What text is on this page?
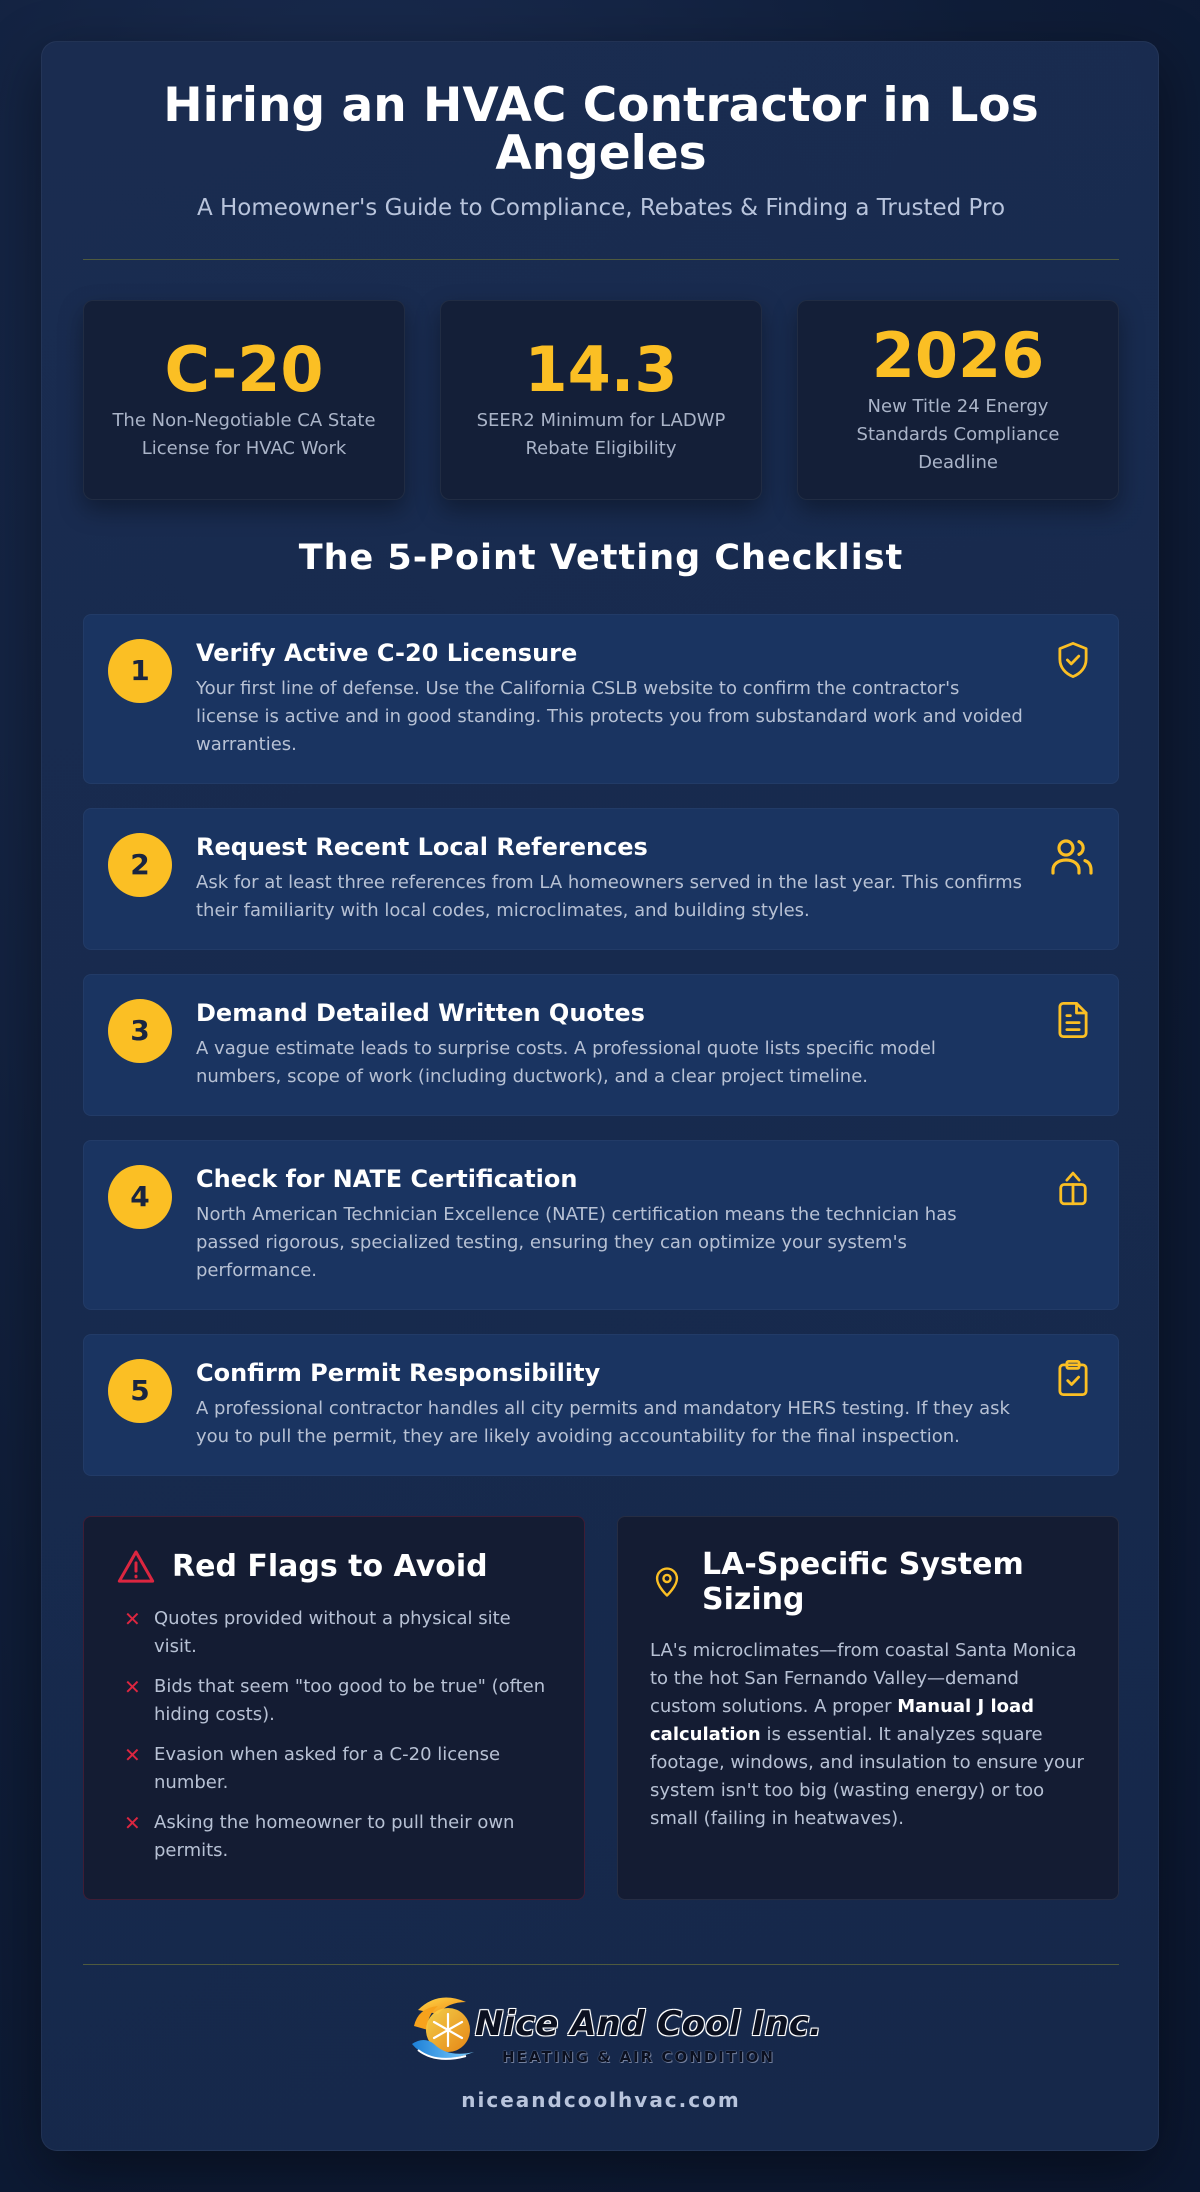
Hiring an HVAC Contractor in Los Angeles
A Homeowner's Guide to Compliance, Rebates & Finding a Trusted Pro
C-20
The Non-Negotiable CA State License for HVAC Work
14.3
SEER2 Minimum for LADWP Rebate Eligibility
2026
New Title 24 Energy Standards Compliance Deadline
The 5-Point Vetting Checklist
1
Verify Active C-20 Licensure
Your first line of defense. Use the California CSLB website to confirm the contractor's license is active and in good standing. This protects you from substandard work and voided warranties.
2
Request Recent Local References
Ask for at least three references from LA homeowners served in the last year. This confirms their familiarity with local codes, microclimates, and building styles.
3
Demand Detailed Written Quotes
A vague estimate leads to surprise costs. A professional quote lists specific model numbers, scope of work (including ductwork), and a clear project timeline.
4
Check for NATE Certification
North American Technician Excellence (NATE) certification means the technician has passed rigorous, specialized testing, ensuring they can optimize your system's performance.
5
Confirm Permit Responsibility
A professional contractor handles all city permits and mandatory HERS testing. If they ask you to pull the permit, they are likely avoiding accountability for the final inspection.
Red Flags to Avoid
✕ Quotes provided without a physical site visit.
✕ Bids that seem "too good to be true" (often hiding costs).
✕ Evasion when asked for a C-20 license number.
✕ Asking the homeowner to pull their own permits.
LA-Specific System Sizing
LA's microclimates—from coastal Santa Monica to the hot San Fernando Valley—demand custom solutions. A proper Manual J load calculation is essential. It analyzes square footage, windows, and insulation to ensure your system isn't too big (wasting energy) or too small (failing in heatwaves).
Nice And Cool Inc.
HEATING & AIR CONDITION
niceandcoolhvac.com
